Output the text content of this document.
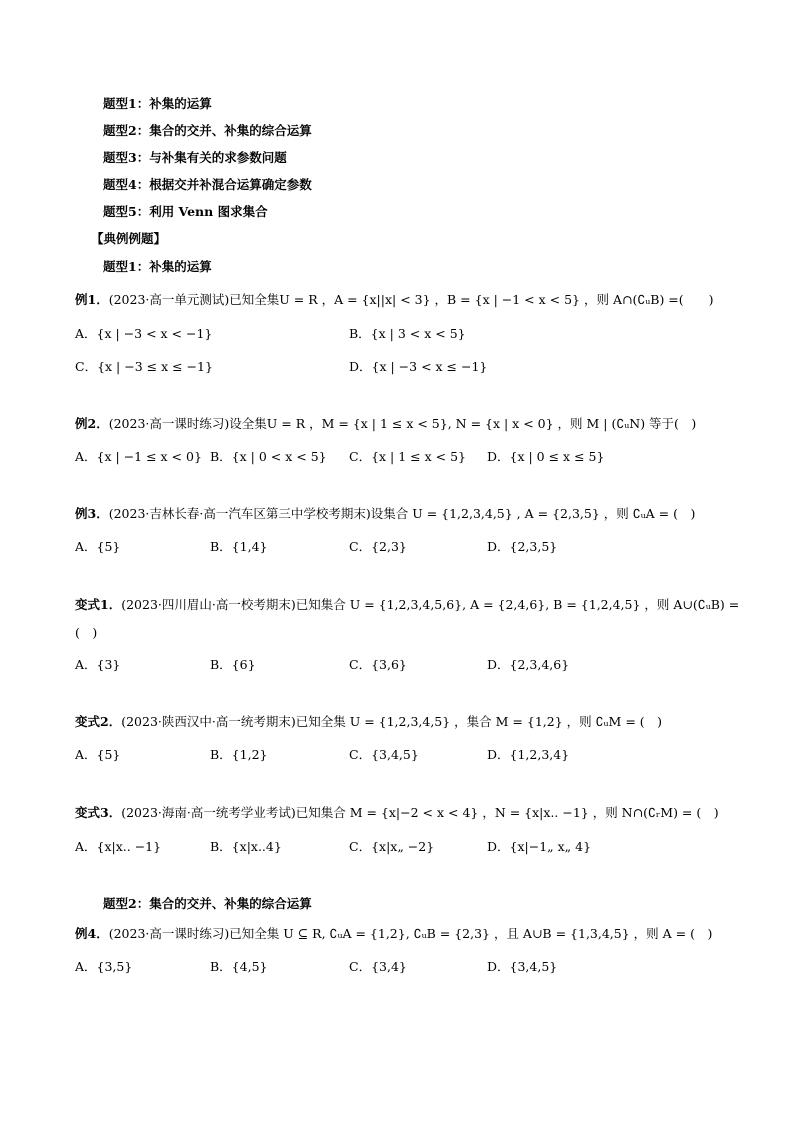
题型1：补集的运算
题型2：集合的交并、补集的综合运算
题型3：与补集有关的求参数问题
题型4：根据交并补混合运算确定参数
题型5：利用 Venn 图求集合
【典例例题】
题型1：补集的运算
例1．(2023·高一单元测试)已知全集U = R ，A = {x||x| < 3} ，B = {x | −1 < x < 5} ，则 A∩(∁ᵤB) =(　　)
A．{x | −3 < x < −1}	B．{x | 3 < x < 5}
C．{x | −3 ≤ x ≤ −1}	D．{x | −3 < x ≤ −1}
例2．(2023·高一课时练习)设全集U = R ，M = {x | 1 ≤ x < 5}, N = {x | x < 0} ，则 M | (∁ᵤN) 等于(　)
A．{x | −1 ≤ x < 0} B．{x | 0 < x < 5} C．{x | 1 ≤ x < 5} D．{x | 0 ≤ x ≤ 5}
例3．(2023·吉林长春·高一汽车区第三中学校考期末)设集合 U = {1,2,3,4,5} , A = {2,3,5} ，则 ∁ᵤA = (　)
A．{5}	B．{1,4}	C．{2,3}	D．{2,3,5}
变式1．(2023·四川眉山·高一校考期末)已知集合 U = {1,2,3,4,5,6}, A = {2,4,6}, B = {1,2,4,5} ，则 A∪(∁ᵤB) =
(　)
A．{3}	B．{6}	C．{3,6}	D．{2,3,4,6}
变式2．(2023·陕西汉中·高一统考期末)已知全集 U = {1,2,3,4,5} ，集合 M = {1,2} ，则 ∁ᵤM = (　)
A．{5}	B．{1,2}	C．{3,4,5}	D．{1,2,3,4}
变式3．(2023·海南·高一统考学业考试)已知集合 M = {x|−2 < x < 4} ，N = {x|x.. −1} ，则 N∩(∁ᵣM) = (　)
A．{x|x.. −1}	B．{x|x..4}	C．{x|x„ −2}	D．{x|−1„ x„ 4}
题型2：集合的交并、补集的综合运算
例4．(2023·高一课时练习)已知全集 U ⊆ R, ∁ᵤA = {1,2}, ∁ᵤB = {2,3} ，且 A∪B = {1,3,4,5} ，则 A = (　)
A．{3,5}	B．{4,5}	C．{3,4}	D．{3,4,5}
